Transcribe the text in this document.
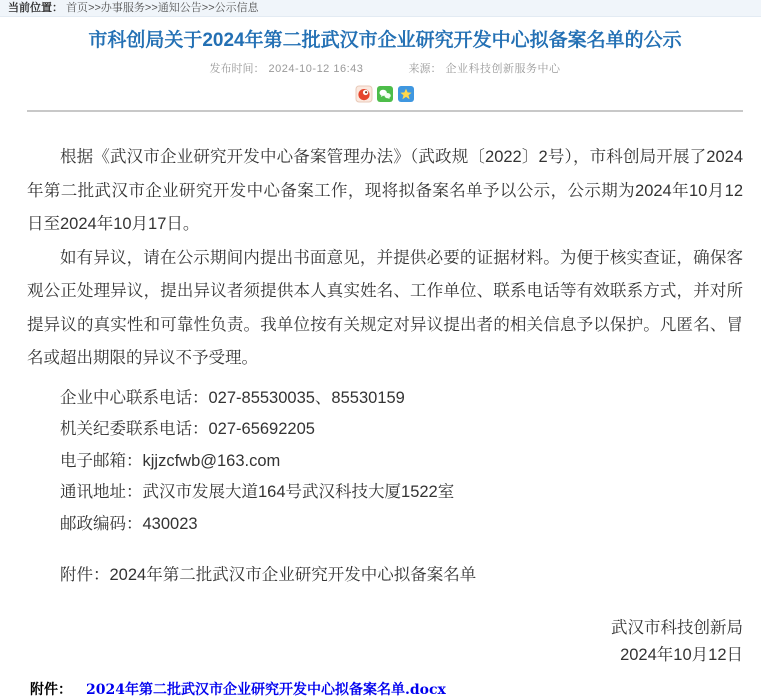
当前位置： 首页>>办事服务>>通知公告>>公示信息
市科创局关于2024年第二批武汉市企业研究开发中心拟备案名单的公示
发布时间： 2024-10-12 16:43	来源： 企业科技创新服务中心

根据《武汉市企业研究开发中心备案管理办法》（武政规〔2022〕2号），市科创局开展了2024年第二批武汉市企业研究开发中心备案工作，现将拟备案名单予以公示，公示期为2024年10月12日至2024年10月17日。

如有异议，请在公示期间内提出书面意见，并提供必要的证据材料。为便于核实查证，确保客观公正处理异议，提出异议者须提供本人真实姓名、工作单位、联系电话等有效联系方式，并对所提异议的真实性和可靠性负责。我单位按有关规定对异议提出者的相关信息予以保护。凡匿名、冒名或超出期限的异议不予受理。

企业中心联系电话：027-85530035、85530159

机关纪委联系电话：027-65692205

电子邮箱：kjjzcfwb@163.com

通讯地址：武汉市发展大道164号武汉科技大厦1522室

邮政编码：430023

附件：2024年第二批武汉市企业研究开发中心拟备案名单

武汉市科技创新局
2024年10月12日
附件： 2024年第二批武汉市企业研究开发中心拟备案名单.docx
